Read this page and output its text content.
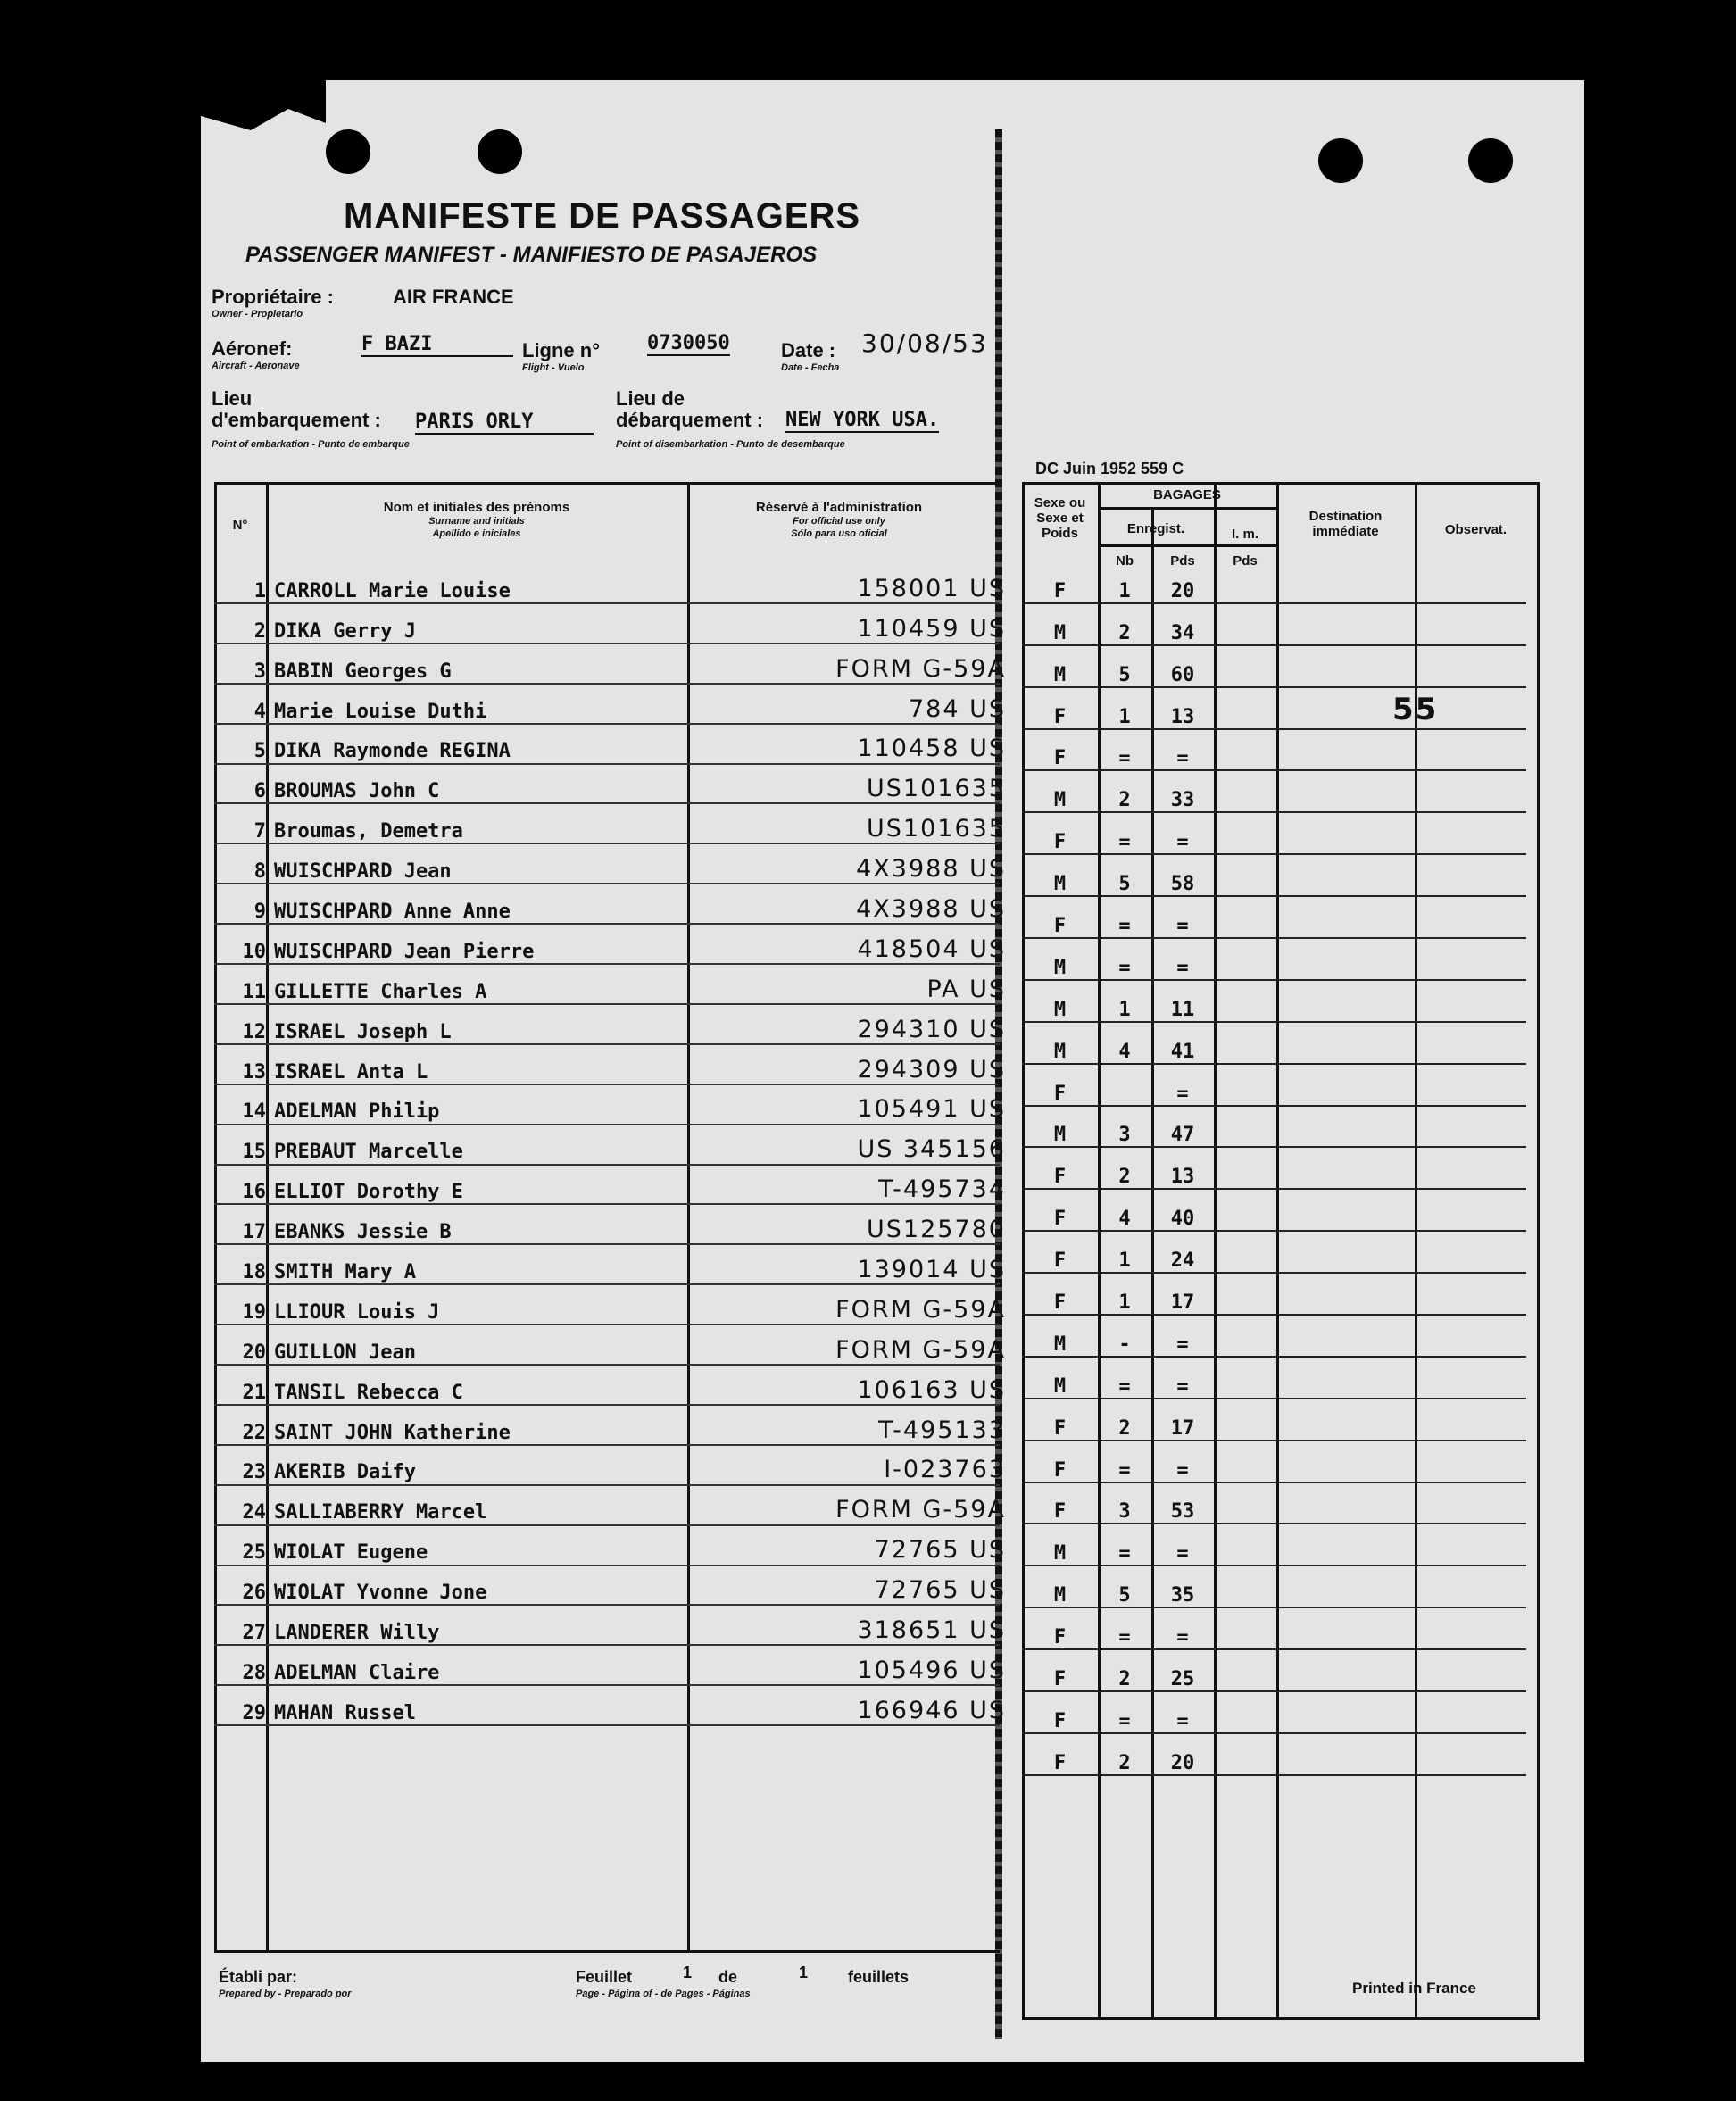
MANIFESTE DE PASSAGERS
PASSENGER MANIFEST - MANIFIESTO DE PASAJEROS
Propriétaire :	AIR FRANCE
Owner - Propietario
Aéronef:	F BAZI
Aircraft - Aeronave
Ligne n° 0730050
Flight - Vuelo
Date : 30/08/53
Date - Fecha
Lieu d'embarquement :	PARIS ORLY
Point of embarkation - Punto de embarque
Lieu de débarquement :	NEW YORK USA.
Point of disembarkation - Punto de desembarque
DC Juin 1952 559 C
N°
Nom et initiales des prénoms
Surname and initials
Apellido e iniciales
Réservé à l'administration
For official use only
Sólo para uso oficial
Sexe ou Sexe et Poids
BAGAGES
Enregist.
Nb	Pds
I. m.
Pds
Destination immédiate	Observat.
55
1	CARROLL Marie Louise	158001 US
2	DIKA Gerry J	110459 US
3	BABIN Georges G	FORM G-59A
4	Marie Louise Duthi	784 US
5	DIKA Raymonde REGINA	110458 US
6	BROUMAS John C	US101635
7	Broumas, Demetra	US101635
8	WUISCHPARD Jean	4X3988 US
9	WUISCHPARD Anne Anne	4X3988 US
10	WUISCHPARD Jean Pierre	418504 US
11	GILLETTE Charles A	PA US
12	ISRAEL Joseph L	294310 US
13	ISRAEL Anta L	294309 US
14	ADELMAN Philip	105491 US
15	PREBAUT Marcelle	US 345156
16	ELLIOT Dorothy E	T-495734
17	EBANKS Jessie B	US125780
18	SMITH Mary A	139014 US
19	LLIOUR Louis J	FORM G-59A
20	GUILLON Jean	FORM G-59A
21	TANSIL Rebecca C	106163 US
22	SAINT JOHN Katherine	T-495133
23	AKERIB Daify	I-023763
24	SALLIABERRY Marcel	FORM G-59A
25	WIOLAT Eugene	72765 US
26	WIOLAT Yvonne Jone	72765 US
27	LANDERER Willy	318651 US
28	ADELMAN Claire	105496 US
29	MAHAN Russel	166946 US
F	1	20			
M	2	34			
M	5	60			
F	1	13			
F	=	=			
M	2	33			
F	=	=			
M	5	58			
F	=	=			
M	=	=			
M	1	11			
M	4	41			
F		=			
M	3	47			
F	2	13			
F	4	40			
F	1	24			
F	1	17			
M	-	=			
M	=	=			
F	2	17			
F	=	=			
F	3	53			
M	=	=			
M	5	35			
F	=	=			
F	2	25			
F	=	=			
F	2	20			
Établi par:
Prepared by - Preparado por
Feuillet	1 de	1 feuillets
Page - Página of - de Pages - Páginas	Printed in France
